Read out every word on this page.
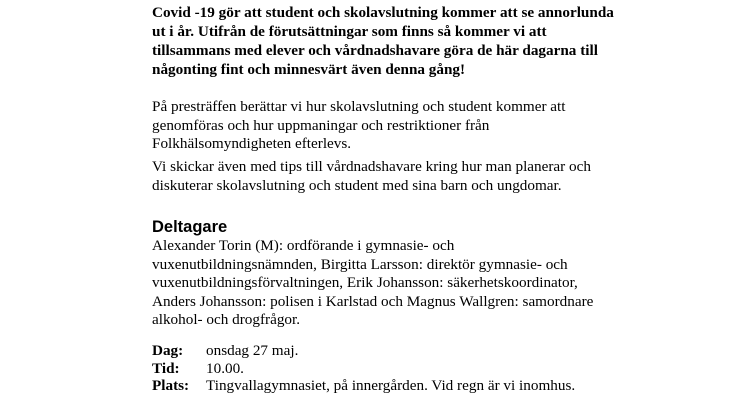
Covid -19 gör att student och skolavslutning kommer att se annorlunda ut i år. Utifrån de förutsättningar som finns så kommer vi att tillsammans med elever och vårdnadshavare göra de här dagarna till någonting fint och minnesvärt även denna gång!

På presträffen berättar vi hur skolavslutning och student kommer att genomföras och hur uppmaningar och restriktioner från Folkhälsomyndigheten efterlevs.

Vi skickar även med tips till vårdnadshavare kring hur man planerar och diskuterar skolavslutning och student med sina barn och ungdomar.

Deltagare

Alexander Torin (M): ordförande i gymnasie- och vuxenutbildningsnämnden, Birgitta Larsson: direktör gymnasie- och vuxenutbildningsförvaltningen, Erik Johansson: säkerhetskoordinator, Anders Johansson: polisen i Karlstad och Magnus Wallgren: samordnare alkohol- och drogfrågor.

Dag:	onsdag 27 maj.
Tid:	10.00.
Plats:	Tingvallagymnasiet, på innergården. Vid regn är vi inomhus.
